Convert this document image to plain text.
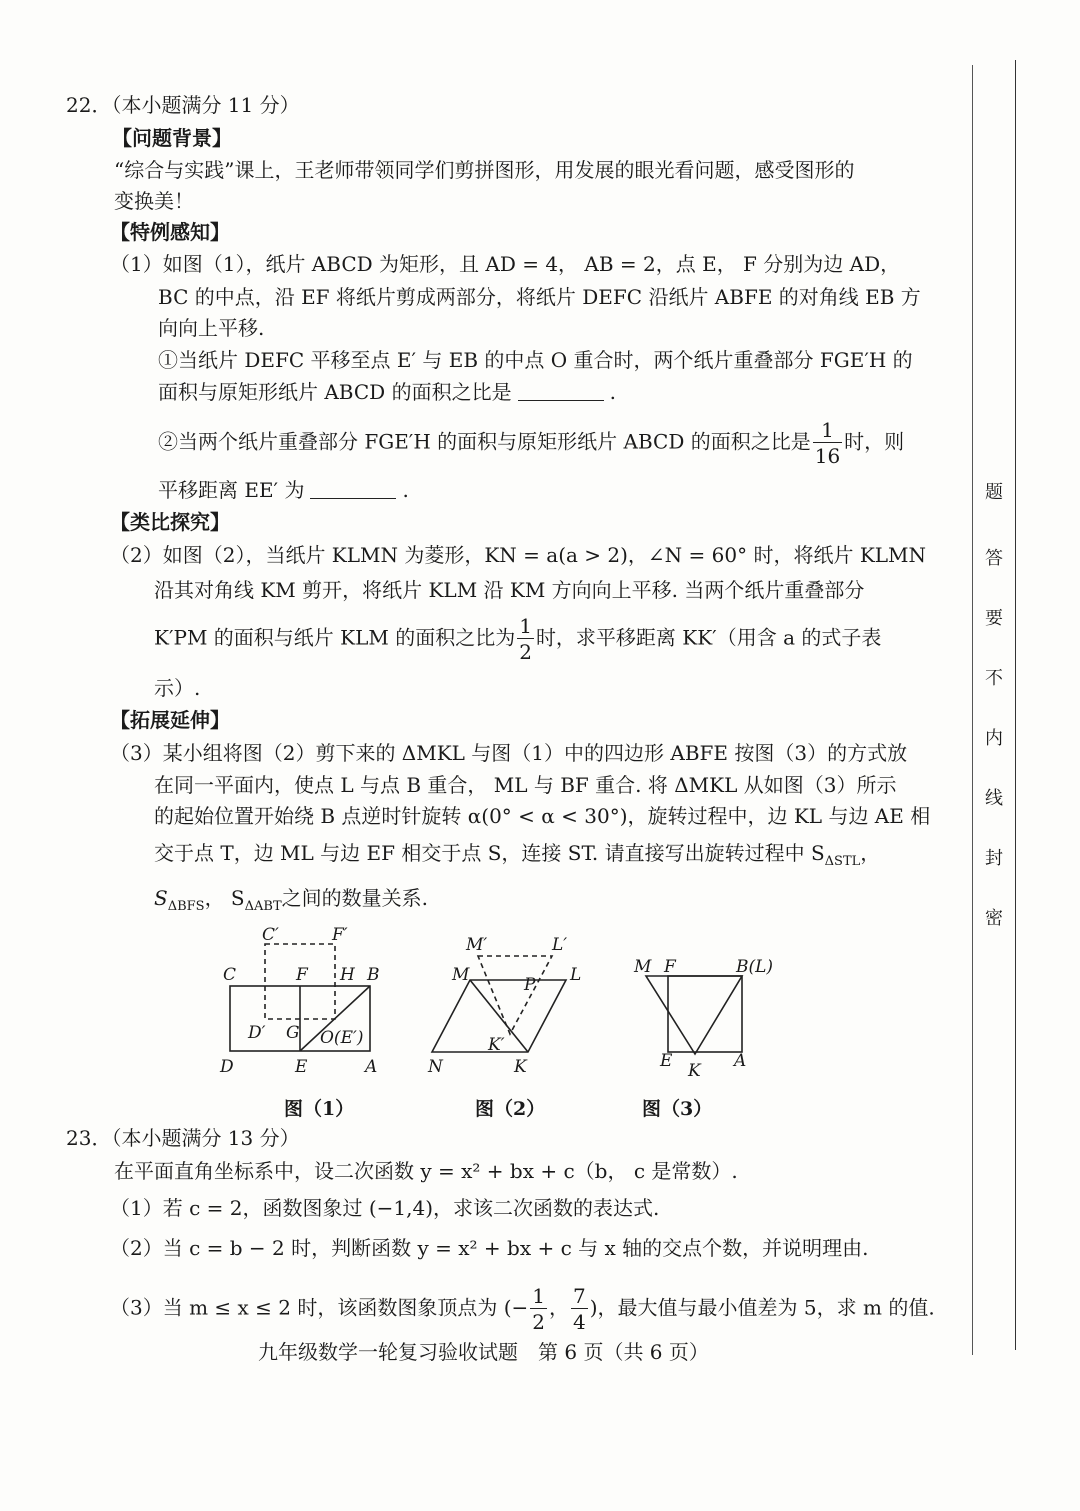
22．（本小题满分 11 分）
【问题背景】
“综合与实践”课上，王老师带领同学们剪拼图形，用发展的眼光看问题，感受图形的
变换美！
【特例感知】
（1）如图（1），纸片 ABCD 为矩形，且 AD = 4， AB = 2，点 E， F 分别为边 AD，
BC 的中点，沿 EF 将纸片剪成两部分，将纸片 DEFC 沿纸片 ABFE 的对角线 EB 方
向向上平移.
①当纸片 DEFC 平移至点 E′ 与 EB 的中点 O 重合时，两个纸片重叠部分 FGE′H 的
面积与原矩形纸片 ABCD 的面积之比是	.
②当两个纸片重叠部分 FGE′H 的面积与原矩形纸片 ABCD 的面积之比是 $\frac{1}{16}$ 时，则
平移距离 EE′ 为	.
【类比探究】
（2）如图（2），当纸片 KLMN 为菱形，KN = a(a > 2)，∠N = 60° 时，将纸片 KLMN
沿其对角线 KM 剪开，将纸片 KLM 沿 KM 方向向上平移. 当两个纸片重叠部分
K′PM 的面积与纸片 KLM 的面积之比为 $\frac{1}{2}$ 时，求平移距离 KK′（用含 a 的式子表
示）.
【拓展延伸】
（3）某小组将图（2）剪下来的 ΔMKL 与图（1）中的四边形 ABFE 按图（3）的方式放
在同一平面内，使点 L 与点 B 重合， ML 与 BF 重合. 将 ΔMKL 从如图（3）所示
的起始位置开始绕 B 点逆时针旋转 α(0° < α < 30°)，旋转过程中，边 KL 与边 AE 相
交于点 T，边 ML 与边 EF 相交于点 S，连接 ST. 请直接写出旋转过程中 $S_{\Delta STL}$，
$S_{\Delta BFS}$， $S_{\Delta ABT}$之间的数量关系.
C′	F′
C	F H B
D′ G O(E′)
D	E	A
M′	L′
M	P L
K′
N	K
M F	B(L)
E K A
图（1）	图（2）	图（3）
23．（本小题满分 13 分）
在平面直角坐标系中，设二次函数 y = x² + bx + c（b， c 是常数）.
（1）若 c = 2，函数图象过 (−1,4)，求该二次函数的表达式.
（2）当 c = b − 2 时，判断函数 y = x² + bx + c 与 x 轴的交点个数，并说明理由.
（3）当 m ≤ x ≤ 2 时，该函数图象顶点为 (− $\frac{1}{2}$ ， $\frac{7}{4}$ )，最大值与最小值差为 5，求 m 的值.
九年级数学一轮复习验收试题　第 6 页（共 6 页）
题
答
要
不
内
线
封
密
